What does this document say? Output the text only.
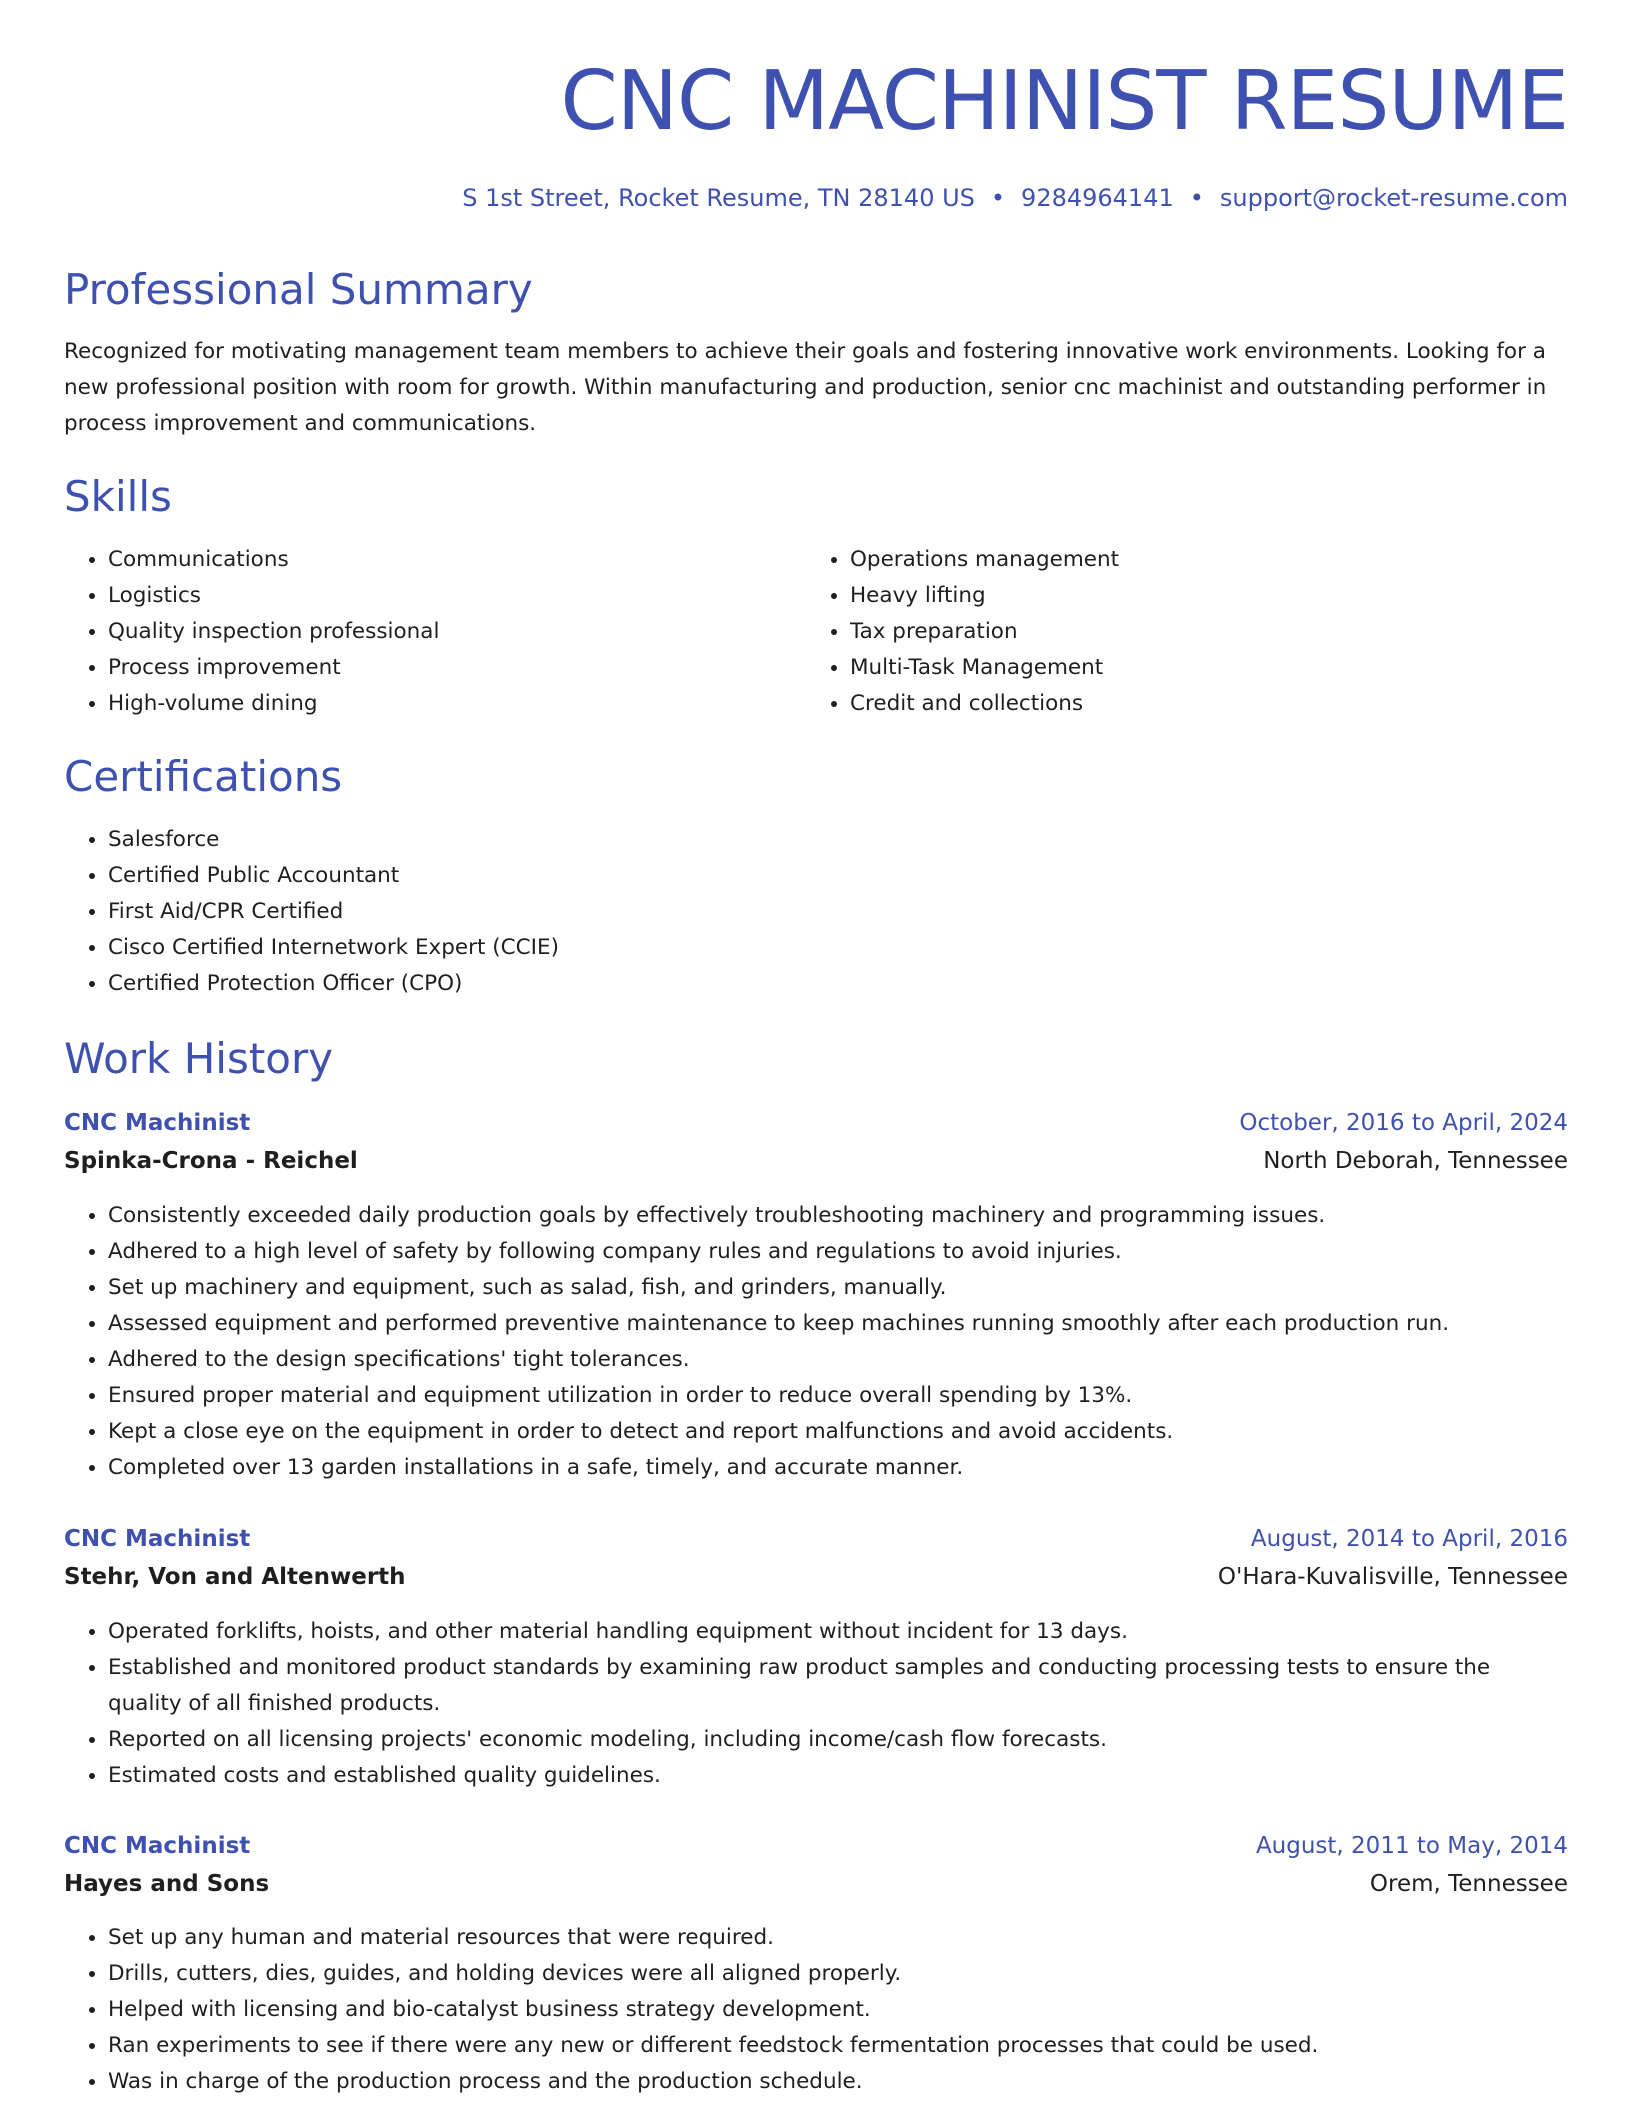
CNC MACHINIST RESUME
S 1st Street, Rocket Resume, TN 28140 US • 9284964141 • support@rocket-resume.com
Professional Summary

Recognized for motivating management team members to achieve their goals and fostering innovative work environments. Looking for a new professional position with room for growth. Within manufacturing and production, senior cnc machinist and outstanding performer in process improvement and communications.

Skills
• Communications
• Logistics
• Quality inspection professional
• Process improvement
• High-volume dining
• Operations management
• Heavy lifting
• Tax preparation
• Multi-Task Management
• Credit and collections
Certifications
• Salesforce
• Certified Public Accountant
• First Aid/CPR Certified
• Cisco Certified Internetwork Expert (CCIE)
• Certified Protection Officer (CPO)
Work History
CNC Machinist	October, 2016 to April, 2024
Spinka-Crona - Reichel	North Deborah, Tennessee
• Consistently exceeded daily production goals by effectively troubleshooting machinery and programming issues.
• Adhered to a high level of safety by following company rules and regulations to avoid injuries.
• Set up machinery and equipment, such as salad, fish, and grinders, manually.
• Assessed equipment and performed preventive maintenance to keep machines running smoothly after each production run.
• Adhered to the design specifications' tight tolerances.
• Ensured proper material and equipment utilization in order to reduce overall spending by 13%.
• Kept a close eye on the equipment in order to detect and report malfunctions and avoid accidents.
• Completed over 13 garden installations in a safe, timely, and accurate manner.
CNC Machinist	August, 2014 to April, 2016
Stehr, Von and Altenwerth	O'Hara-Kuvalisville, Tennessee
• Operated forklifts, hoists, and other material handling equipment without incident for 13 days.
• Established and monitored product standards by examining raw product samples and conducting processing tests to ensure the quality of all finished products.
• Reported on all licensing projects' economic modeling, including income/cash flow forecasts.
• Estimated costs and established quality guidelines.
CNC Machinist	August, 2011 to May, 2014
Hayes and Sons	Orem, Tennessee
• Set up any human and material resources that were required.
• Drills, cutters, dies, guides, and holding devices were all aligned properly.
• Helped with licensing and bio-catalyst business strategy development.
• Ran experiments to see if there were any new or different feedstock fermentation processes that could be used.
• Was in charge of the production process and the production schedule.
